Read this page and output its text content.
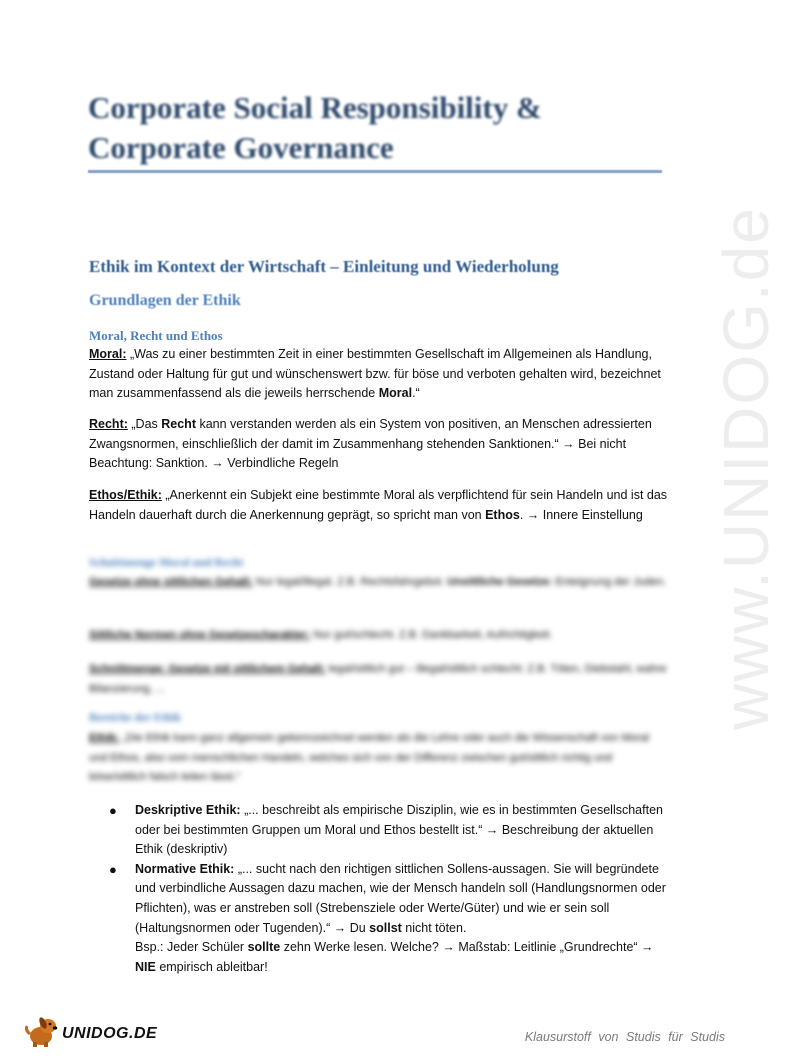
www.UNIDOG.de
Corporate Social Responsibility & Corporate Governance
Ethik im Kontext der Wirtschaft – Einleitung und Wiederholung
Grundlagen der Ethik
Moral, Recht und Ethos

Moral: „Was zu einer bestimmten Zeit in einer bestimmten Gesellschaft im Allgemeinen als Handlung, Zustand oder Haltung für gut und wünschenswert bzw. für böse und verboten gehalten wird, bezeichnet man zusammenfassend als die jeweils herrschende Moral.“

Recht: „Das Recht kann verstanden werden als ein System von positiven, an Menschen adressierten Zwangsnormen, einschließlich der damit im Zusammenhang stehenden Sanktionen.“ → Bei nicht Beachtung: Sanktion. → Verbindliche Regeln

Ethos/Ethik: „Anerkennt ein Subjekt eine bestimmte Moral als verpflichtend für sein Handeln und ist das Handeln dauerhaft durch die Anerkennung geprägt, so spricht man von Ethos. → Innere Einstellung

Schnittmenge Moral und Recht

Gesetze ohne sittlichen Gehalt: Nur legal/illegal. Z.B. Rechtsfahrgebot. Unsittliche Gesetze: Enteignung der Juden.

Sittliche Normen ohne Gesetzescharakter: Nur gut/schlecht. Z.B. Dankbarkeit, Aufrichtigkeit.

Schnittmenge: Gesetze mit sittlichem Gehalt: legal/sittlich gut – illegal/sittlich schlecht: Z.B. Töten, Diebstahl, wahre Bilanzierung, ...

Bereiche der Ethik

Ethik: „Die Ethik kann ganz allgemein gekennzeichnet werden als die Lehre oder auch die Wissenschaft von Moral und Ethos, also vom menschlichen Handeln, welches sich von der Differenz zwischen gut/sittlich richtig und böse/sittlich falsch leiten lässt.“

● Deskriptive Ethik: „... beschreibt als empirische Disziplin, wie es in bestimmten Gesellschaften oder bei bestimmten Gruppen um Moral und Ethos bestellt ist.“ → Beschreibung der aktuellen Ethik (deskriptiv)
● Normative Ethik: „... sucht nach den richtigen sittlichen Sollens-aussagen. Sie will begründete und verbindliche Aussagen dazu machen, wie der Mensch handeln soll (Handlungsnormen oder Pflichten), was er anstreben soll (Strebensziele oder Werte/Güter) und wie er sein soll (Haltungsnormen oder Tugenden).“ → Du sollst nicht töten.
Bsp.: Jeder Schüler sollte zehn Werke lesen. Welche? → Maßstab: Leitlinie „Grundrechte“ →
NIE empirisch ableitbar!
UNIDOG.DE	Klausurstoff von Studis für Studis
